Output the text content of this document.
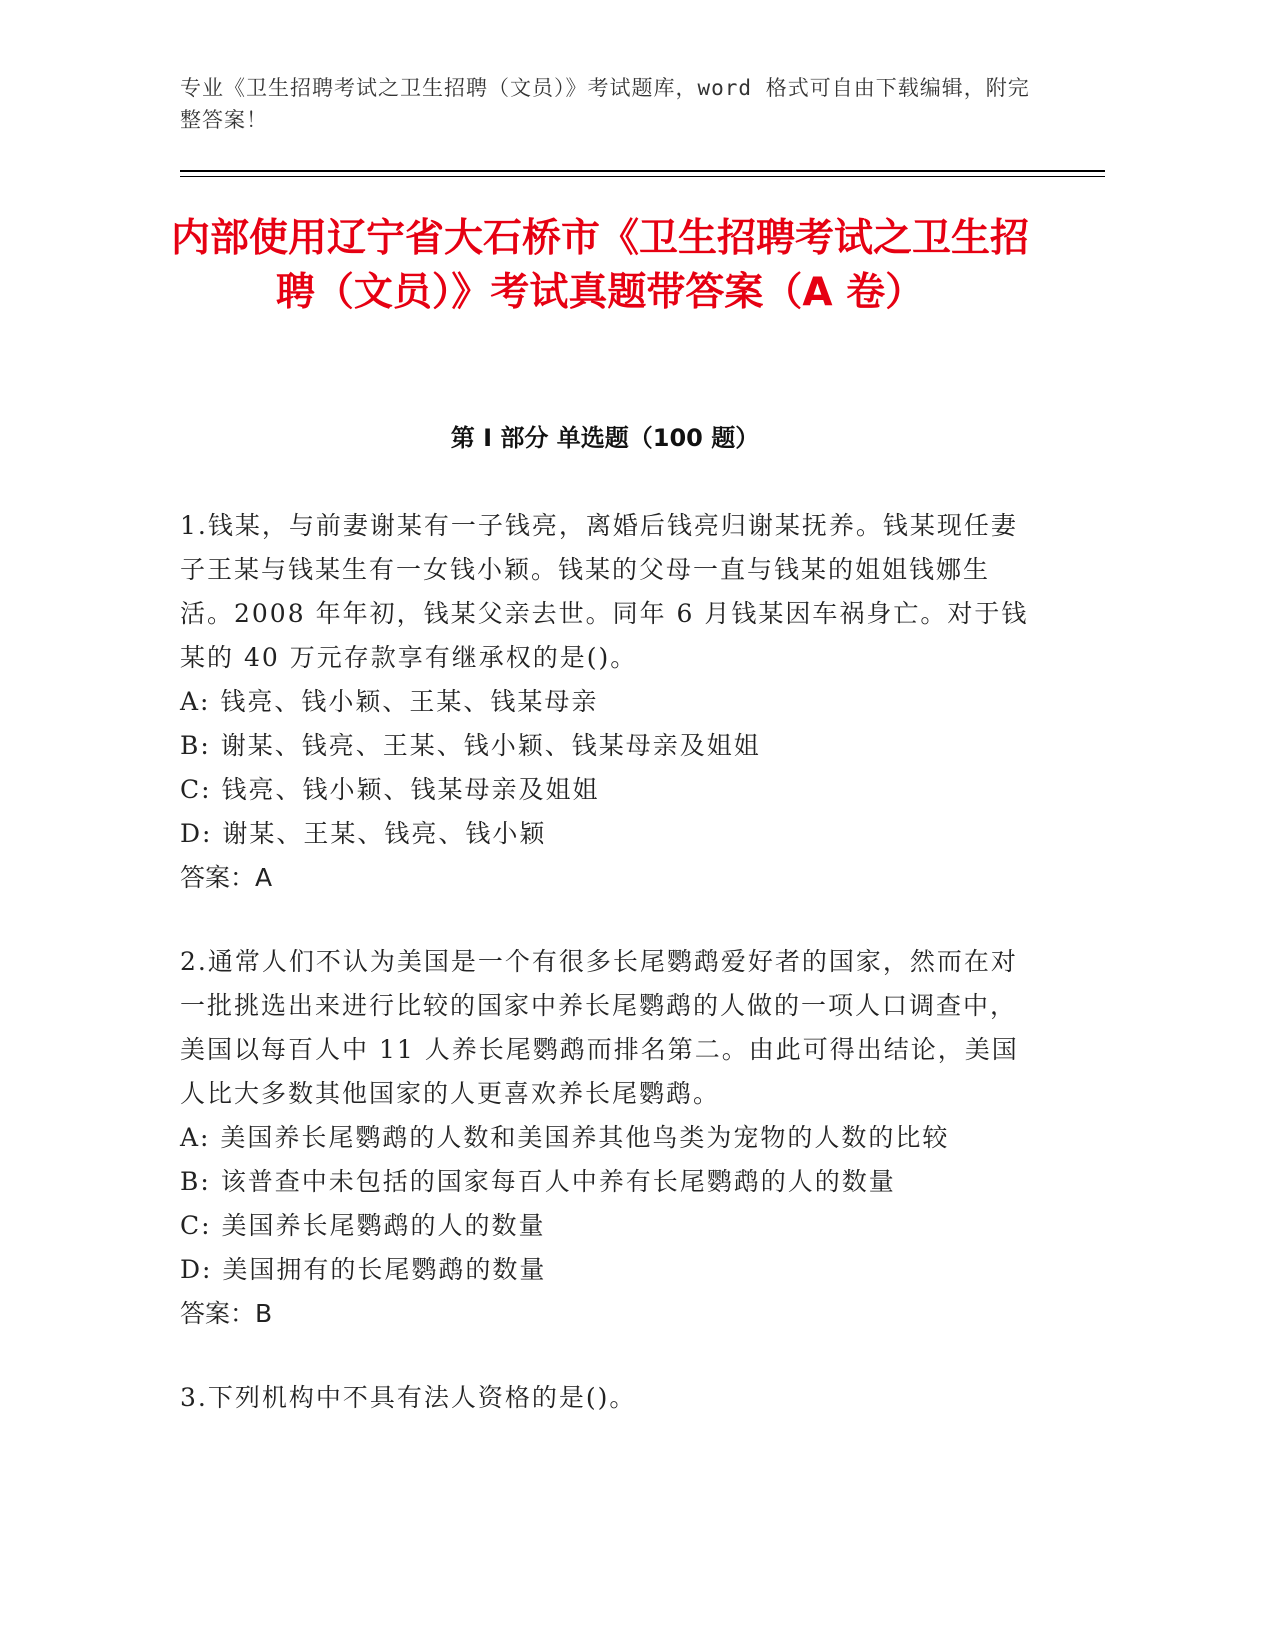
专业《卫生招聘考试之卫生招聘（文员）》考试题库，word 格式可自由下载编辑，附完整答案！
内部使用辽宁省大石桥市《卫生招聘考试之卫生招聘（文员）》考试真题带答案（A 卷）
第 I 部分 单选题（100 题）

1.钱某，与前妻谢某有一子钱亮，离婚后钱亮归谢某抚养。钱某现任妻子王某与钱某生有一女钱小颖。钱某的父母一直与钱某的姐姐钱娜生活。2008 年年初，钱某父亲去世。同年 6 月钱某因车祸身亡。对于钱某的 40 万元存款享有继承权的是()。

A: 钱亮、钱小颖、王某、钱某母亲

B: 谢某、钱亮、王某、钱小颖、钱某母亲及姐姐

C: 钱亮、钱小颖、钱某母亲及姐姐

D: 谢某、王某、钱亮、钱小颖

答案：A

2.通常人们不认为美国是一个有很多长尾鹦鹉爱好者的国家，然而在对一批挑选出来进行比较的国家中养长尾鹦鹉的人做的一项人口调查中，美国以每百人中 11 人养长尾鹦鹉而排名第二。由此可得出结论，美国人比大多数其他国家的人更喜欢养长尾鹦鹉。

A: 美国养长尾鹦鹉的人数和美国养其他鸟类为宠物的人数的比较

B: 该普查中未包括的国家每百人中养有长尾鹦鹉的人的数量

C: 美国养长尾鹦鹉的人的数量

D: 美国拥有的长尾鹦鹉的数量

答案：B

3.下列机构中不具有法人资格的是()。
